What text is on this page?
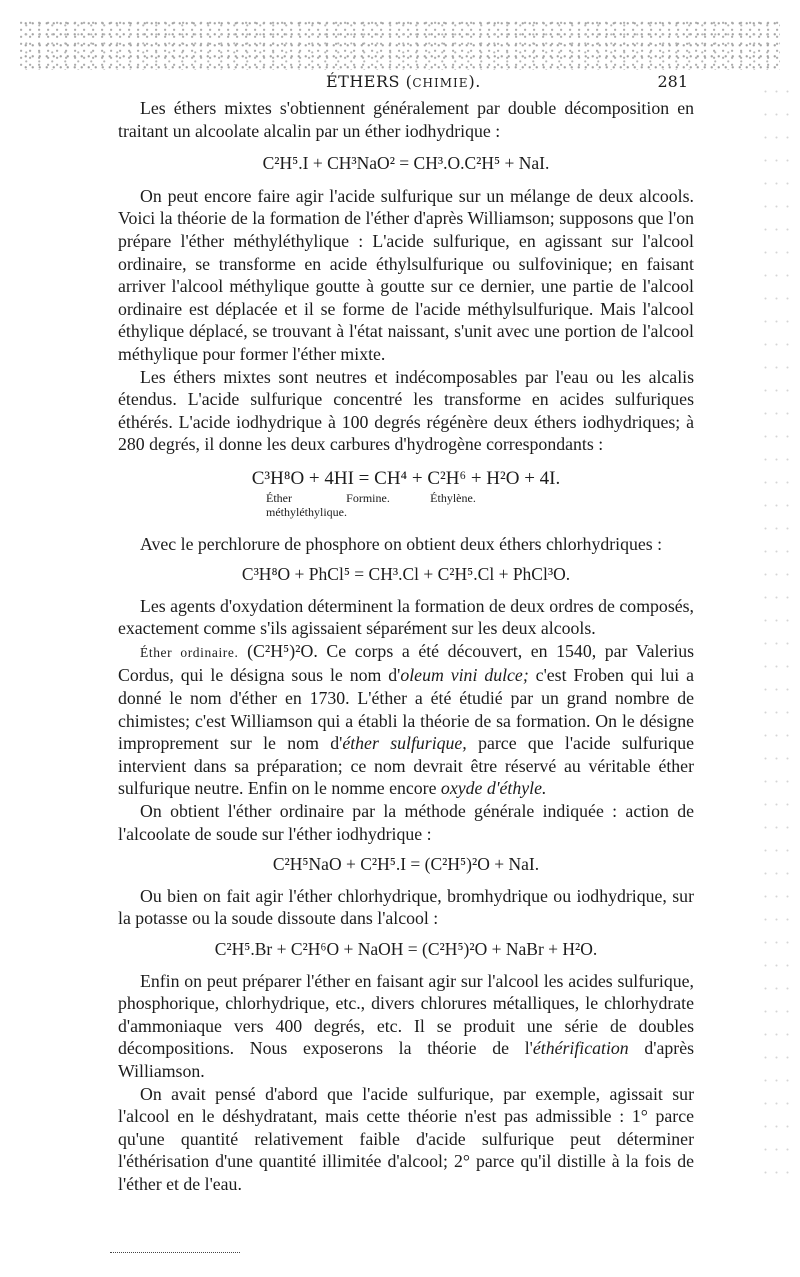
ÉTHERS (CHIMIE).	281

Les éthers mixtes s'obtiennent généralement par double décomposition en traitant un alcoolate alcalin par un éther iodhydrique :

C²H⁵.I + CH³NaO² = CH³.O.C²H⁵ + NaI.

On peut encore faire agir l'acide sulfurique sur un mélange de deux alcools. Voici la théorie de la formation de l'éther d'après Williamson; supposons que l'on prépare l'éther méthyléthylique : L'acide sulfurique, en agissant sur l'alcool ordinaire, se transforme en acide éthylsulfurique ou sulfovinique; en faisant arriver l'alcool méthylique goutte à goutte sur ce dernier, une partie de l'alcool ordinaire est déplacée et il se forme de l'acide méthylsulfurique. Mais l'alcool éthylique déplacé, se trouvant à l'état naissant, s'unit avec une portion de l'alcool méthylique pour former l'éther mixte.

Les éthers mixtes sont neutres et indécomposables par l'eau ou les alcalis étendus. L'acide sulfurique concentré les transforme en acides sulfuriques éthérés. L'acide iodhydrique à 100 degrés régénère deux éthers iodhydriques; à 280 degrés, il donne les deux carbures d'hydrogène correspondants :

C³H⁸O + 4HI = CH⁴ + C²H⁶ + H²O + 4I.
Éther

méthyléthylique.
Formine.	Éthylène.

Avec le perchlorure de phosphore on obtient deux éthers chlorhydriques :

C³H⁸O + PhCl⁵ = CH³.Cl + C²H⁵.Cl + PhCl³O.

Les agents d'oxydation déterminent la formation de deux ordres de composés, exactement comme s'ils agissaient séparément sur les deux alcools.

Éther ordinaire. (C²H⁵)²O. Ce corps a été découvert, en 1540, par Valerius Cordus, qui le désigna sous le nom d'oleum vini dulce; c'est Froben qui lui a donné le nom d'éther en 1730. L'éther a été étudié par un grand nombre de chimistes; c'est Williamson qui a établi la théorie de sa formation. On le désigne improprement sur le nom d'éther sulfurique, parce que l'acide sulfurique intervient dans sa préparation; ce nom devrait être réservé au véritable éther sulfurique neutre. Enfin on le nomme encore oxyde d'éthyle.

On obtient l'éther ordinaire par la méthode générale indiquée : action de l'alcoolate de soude sur l'éther iodhydrique :

C²H⁵NaO + C²H⁵.I = (C²H⁵)²O + NaI.

Ou bien on fait agir l'éther chlorhydrique, bromhydrique ou iodhydrique, sur la potasse ou la soude dissoute dans l'alcool :

C²H⁵.Br + C²H⁶O + NaOH = (C²H⁵)²O + NaBr + H²O.

Enfin on peut préparer l'éther en faisant agir sur l'alcool les acides sulfurique, phosphorique, chlorhydrique, etc., divers chlorures métalliques, le chlorhydrate d'ammoniaque vers 400 degrés, etc. Il se produit une série de doubles décompositions. Nous exposerons la théorie de l'éthérification d'après Williamson.

On avait pensé d'abord que l'acide sulfurique, par exemple, agissait sur l'alcool en le déshydratant, mais cette théorie n'est pas admissible : 1° parce qu'une quantité relativement faible d'acide sulfurique peut déterminer l'éthérisation d'une quantité illimitée d'alcool; 2° parce qu'il distille à la fois de l'éther et de l'eau.
